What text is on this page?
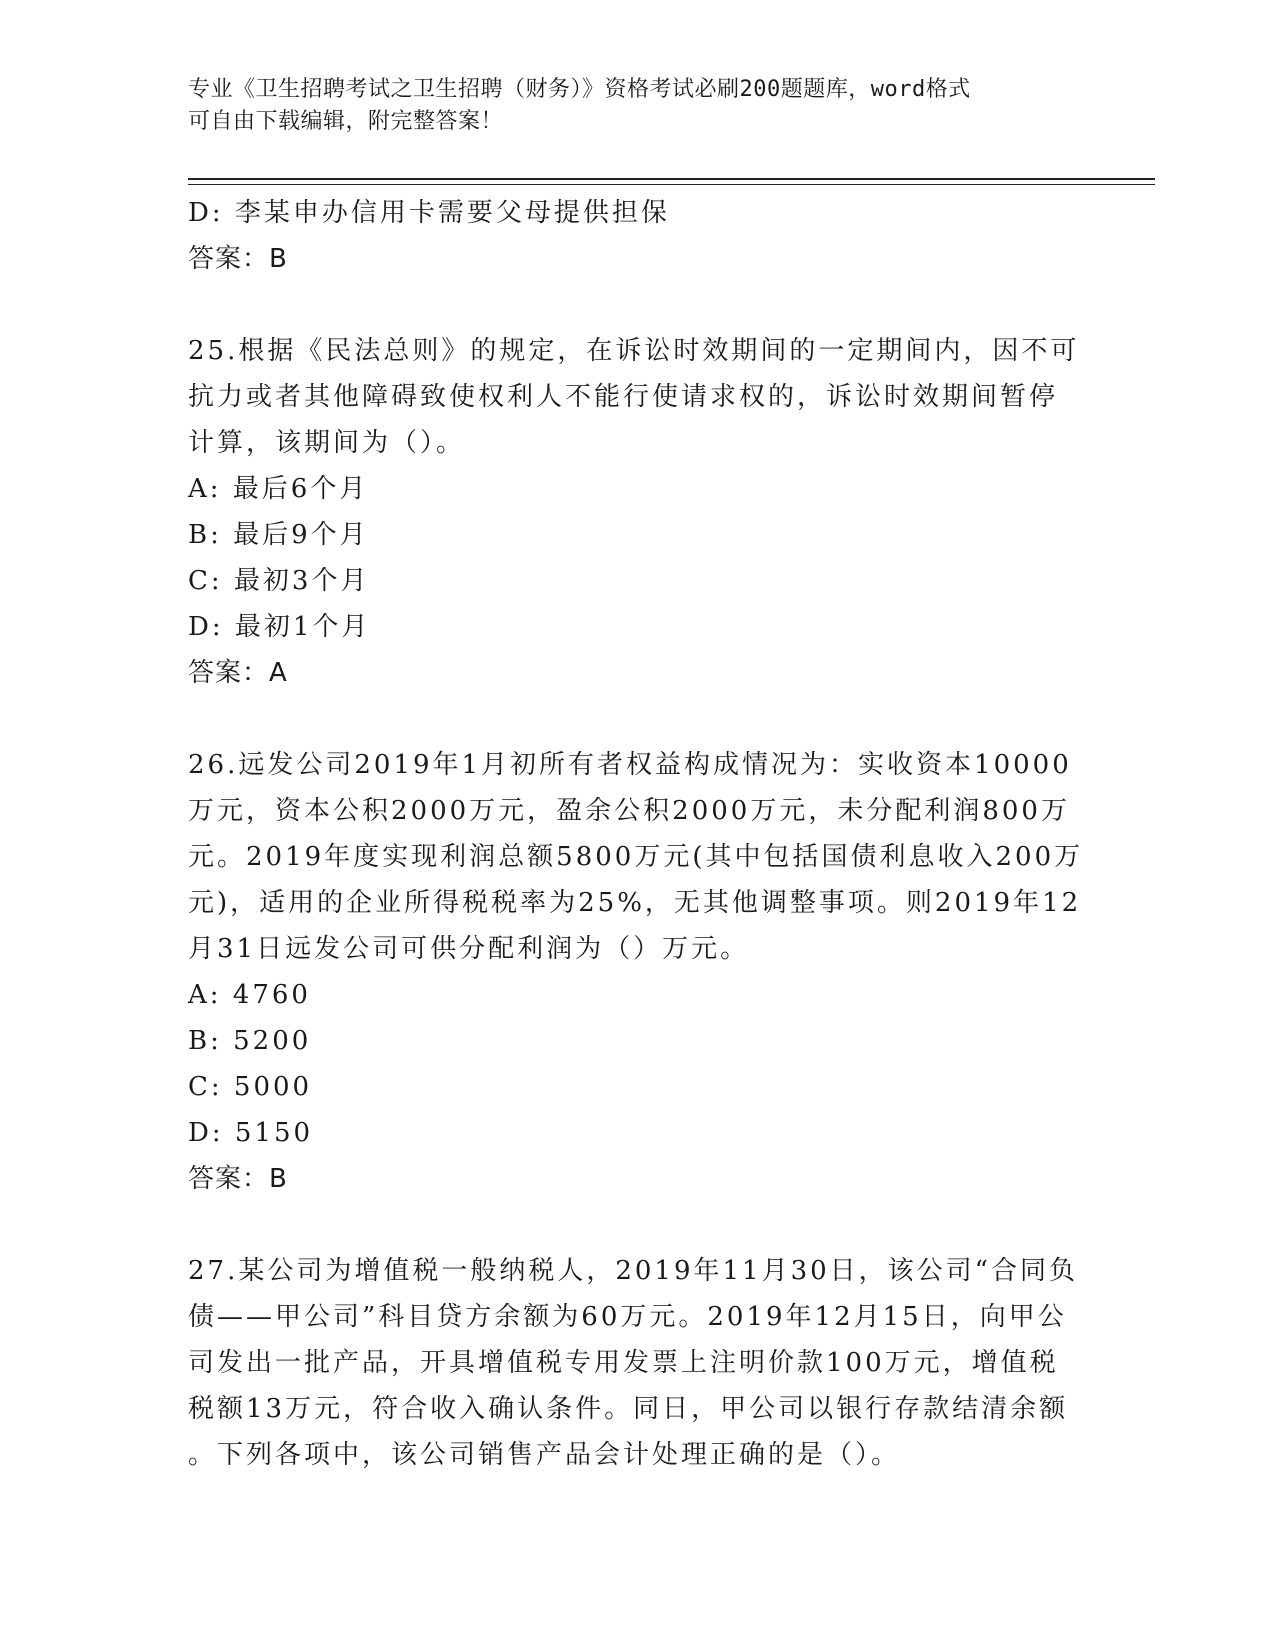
专业《卫生招聘考试之卫生招聘（财务）》资格考试必刷200题题库，word格式
可自由下载编辑，附完整答案！
D: 李某申办信用卡需要父母提供担保
答案：B
25.根据《民法总则》的规定，在诉讼时效期间的一定期间内，因不可
抗力或者其他障碍致使权利人不能行使请求权的，诉讼时效期间暂停
计算，该期间为（）。
A: 最后6个月
B: 最后9个月
C: 最初3个月
D: 最初1个月
答案：A
26.远发公司2019年1月初所有者权益构成情况为：实收资本10000
万元，资本公积2000万元，盈余公积2000万元，未分配利润800万
元。2019年度实现利润总额5800万元(其中包括国债利息收入200万
元)，适用的企业所得税税率为25%，无其他调整事项。则2019年12
月31日远发公司可供分配利润为（）万元。
A: 4760
B: 5200
C: 5000
D: 5150
答案：B
27.某公司为增值税一般纳税人，2019年11月30日，该公司“合同负
债——甲公司”科目贷方余额为60万元。2019年12月15日，向甲公
司发出一批产品，开具增值税专用发票上注明价款100万元，增值税
税额13万元，符合收入确认条件。同日，甲公司以银行存款结清余额
。下列各项中，该公司销售产品会计处理正确的是（）。
